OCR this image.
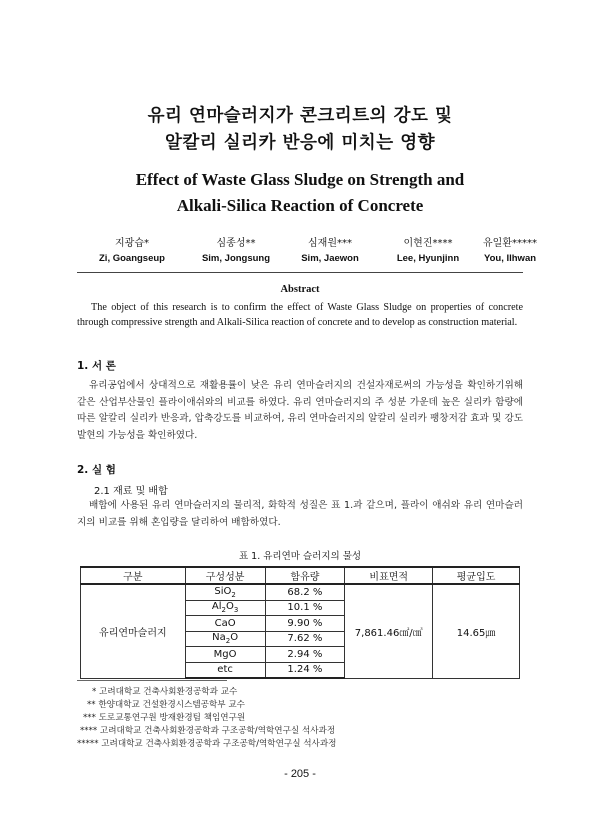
유리 연마슬러지가 콘크리트의 강도 및
알칼리 실리카 반응에 미치는 영향
Effect of Waste Glass Sludge on Strength and
Alkali-Silica Reaction of Concrete
지광습*
Zi, Goangseup
심종성**
Sim, Jongsung
심재원***
Sim, Jaewon
이현진****
Lee, Hyunjinn
유일환*****
You, Ilhwan
Abstract
The object of this research is to confirm the effect of Waste Glass Sludge on properties of concrete through compressive strength and Alkali-Silica reaction of concrete and to develop as construction material.
1. 서 론
유리공업에서 상대적으로 재활용률이 낮은 유리 연마슬러지의 건설자재로써의 가능성을 확인하기위해 같은 산업부산물인 플라이애쉬와의 비교를 하였다. 유리 연마슬러지의 주 성분 가운데 높은 실리카 함량에 따른 알칼리 실리카 반응과, 압축강도를 비교하여, 유리 연마슬러지의 알칼리 실리카 팽창저감 효과 및 강도발현의 가능성을 확인하였다.
2. 실 험
2.1 재료 및 배합
배합에 사용된 유리 연마슬러지의 물리적, 화학적 성질은 표 1.과 같으며, 플라이 애쉬와 유리 연마슬러지의 비교를 위해 혼입량을 달리하여 배합하였다.
표 1. 유리연마 슬러지의 물성
구분	구성성분	함유량	비표면적	평균입도
유리연마슬러지	SiO$_2$	68.2 %	7,861.46㎠/㎤	14.65㎛
	$Al_2O_3$	10.1 %		
	CaO	9.90 %		
	$Na_2O$	7.62 %		
	MgO	2.94 %		
	etc	1.24 %		
* 고려대학교 건축사회환경공학과 교수
** 한양대학교 건설환경시스템공학부 교수
*** 도로교통연구원 방재환경팀 책임연구원
**** 고려대학교 건축사회환경공학과 구조공학/역학연구실 석사과정
***** 고려대학교 건축사회환경공학과 구조공학/역학연구실 석사과정
- 205 -
